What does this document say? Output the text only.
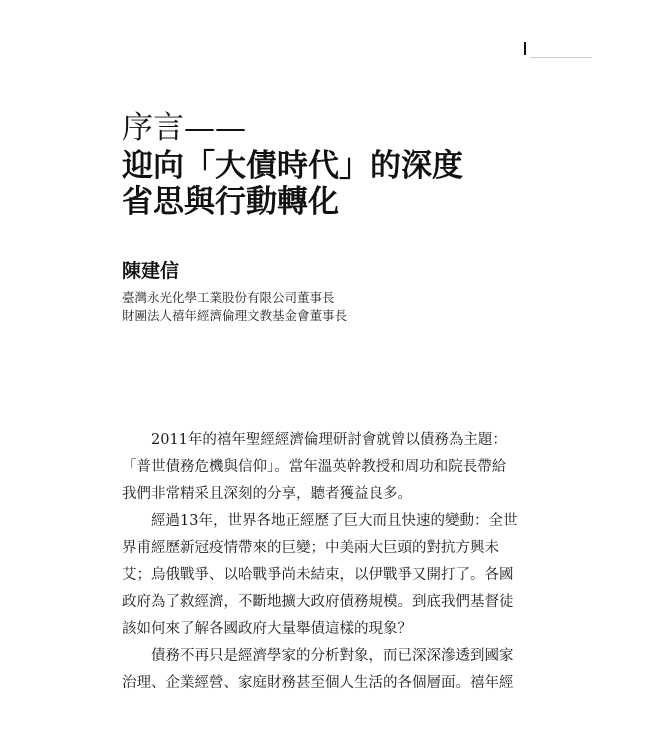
序言——
迎向「大債時代」的深度
省思與行動轉化
陳建信
臺灣永光化學工業股份有限公司董事長
財團法人禧年經濟倫理文教基金會董事長
2011年的禧年聖經經濟倫理研討會就曾以債務為主題：
「普世債務危機與信仰」。當年溫英幹教授和周功和院長帶給
我們非常精采且深刻的分享，聽者獲益良多。
經過13年，世界各地正經歷了巨大而且快速的變動：全世
界甫經歷新冠疫情帶來的巨變；中美兩大巨頭的對抗方興未
艾；烏俄戰爭、以哈戰爭尚未結束，以伊戰爭又開打了。各國
政府為了救經濟，不斷地擴大政府債務規模。到底我們基督徒
該如何來了解各國政府大量舉債這樣的現象？
債務不再只是經濟學家的分析對象，而已深深滲透到國家
治理、企業經營、家庭財務甚至個人生活的各個層面。禧年經
